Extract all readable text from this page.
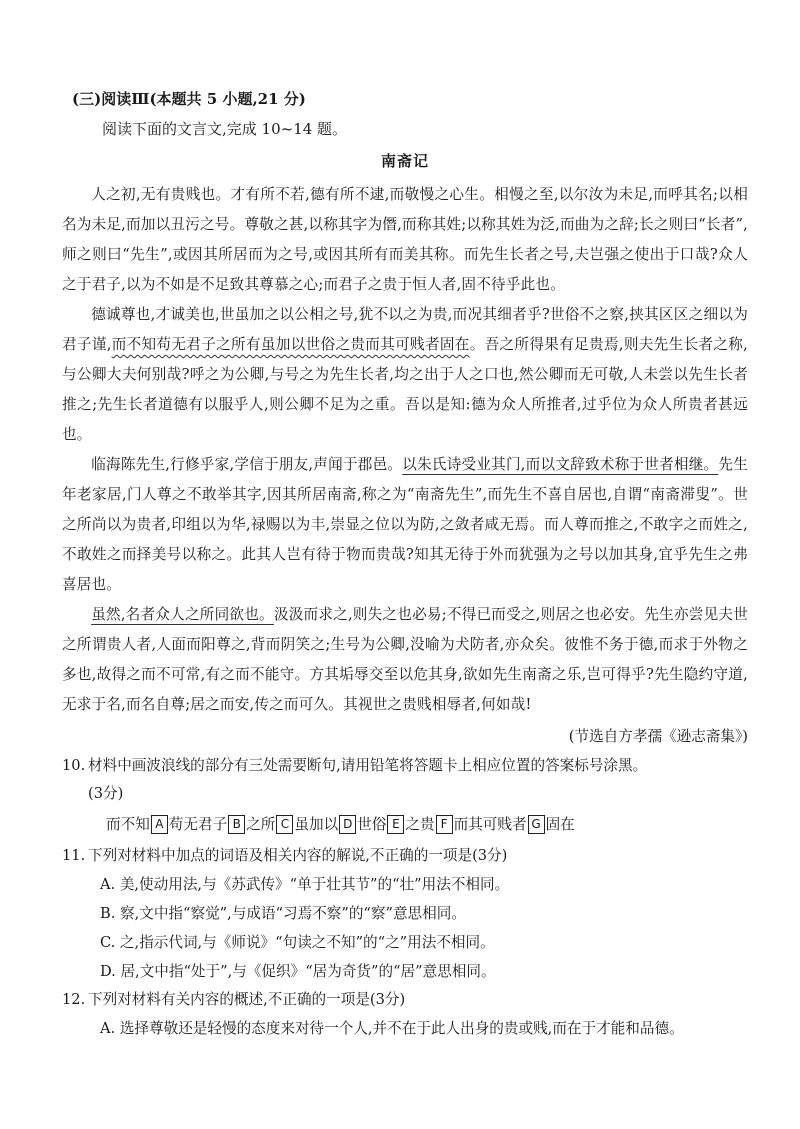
(三)阅读Ⅲ(本题共 5 小题,21 分)
阅读下面的文言文,完成 10~14 题。
南斋记

人之初,无有贵贱也。才有所不若,德有所不逮,而敬慢之心生。相慢之至,以尔汝为未足,而呼其名;以相名为未足,而加以丑污之号。尊敬之甚,以称其字为僭,而称其姓;以称其姓为泛,而曲为之辞;长之则曰“长者”,师之则曰“先生”,或因其所居而为之号,或因其所有而美其称。而先生长者之号,夫岂强之使出于口哉?众人之于君子,以为不如是不足致其尊慕之心;而君子之贵于恒人者,固不待乎此也。

德诚尊也,才诚美也,世虽加之以公相之号,犹不以之为贵,而况其细者乎?世俗不之察,挟其区区之细以为君子谨,而不知苟无君子之所有虽加以世俗之贵而其可贱者固在。吾之所得果有足贵焉,则夫先生长者之称,与公卿大夫何别哉?呼之为公卿,与号之为先生长者,均之出于人之口也,然公卿而无可敬,人未尝以先生长者推之;先生长者道德有以服乎人,则公卿不足为之重。吾以是知:德为众人所推者,过乎位为众人所贵者甚远也。

临海陈先生,行修乎家,学信于朋友,声闻于郡邑。以朱氏诗受业其门,而以文辞致术称于世者相继。先生年老家居,门人尊之不敢举其字,因其所居南斋,称之为“南斋先生”,而先生不喜自居也,自谓“南斋滞叟”。世之所尚以为贵者,印组以为华,禄赐以为丰,崇显之位以为防,之敛者咸无焉。而人尊而推之,不敢字之而姓之,不敢姓之而择美号以称之。此其人岂有待于物而贵哉?知其无待于外而犹强为之号以加其身,宜乎先生之弗喜居也。

虽然,名者众人之所同欲也。汲汲而求之,则失之也必易;不得已而受之,则居之也必安。先生亦尝见夫世之所谓贵人者,人面而阳尊之,背而阴笑之;生号为公卿,没喻为犬防者,亦众矣。彼惟不务于德,而求于外物之多也,故得之而不可常,有之而不能守。方其垢辱交至以危其身,欲如先生南斋之乐,岂可得乎?先生隐约守道,无求于名,而名自尊;居之而安,传之而可久。其视世之贵贱相辱者,何如哉!

(节选自方孝孺《逊志斋集》)

10. 材料中画波浪线的部分有三处需要断句,请用铅笔将答题卡上相应位置的答案标号涂黑。

(3分)

而不知 A 苟无君子 B 之所 C 虽加以 D 世俗 E 之贵 F 而其可贱者 G 固在

11. 下列对材料中加点的词语及相关内容的解说,不正确的一项是(3分)

A. 美,使动用法,与《苏武传》“单于壮其节”的“壮”用法不相同。

B. 察,文中指“察觉”,与成语“习焉不察”的“察”意思相同。

C. 之,指示代词,与《师说》“句读之不知”的“之”用法不相同。

D. 居,文中指“处于”,与《促织》“居为奇货”的“居”意思相同。

12. 下列对材料有关内容的概述,不正确的一项是(3分)

A. 选择尊敬还是轻慢的态度来对待一个人,并不在于此人出身的贵或贱,而在于才能和品德。
